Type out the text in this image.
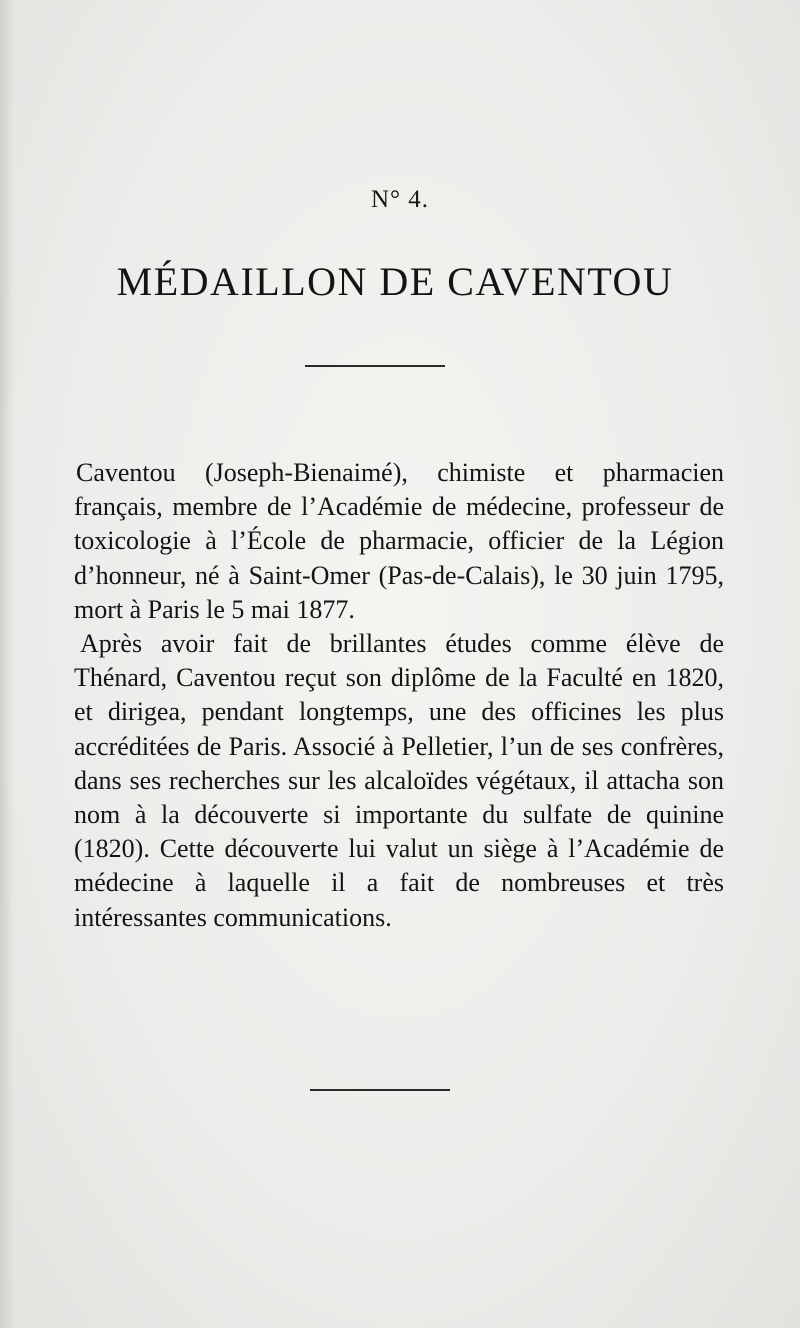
N° 4.
MÉDAILLON DE CAVENTOU

Caventou (Joseph-Bienaimé), chimiste et pharmacien français, membre de l’Académie de médecine, professeur de toxicologie à l’École de pharmacie, officier de la Légion d’honneur, né à Saint-Omer (Pas-de-Calais), le 30 juin 1795, mort à Paris le 5 mai 1877.

Après avoir fait de brillantes études comme élève de Thénard, Caventou reçut son diplôme de la Faculté en 1820, et dirigea, pendant longtemps, une des officines les plus accréditées de Paris. Associé à Pelletier, l’un de ses confrères, dans ses recherches sur les alcaloïdes végétaux, il attacha son nom à la découverte si importante du sulfate de quinine (1820). Cette découverte lui valut un siège à l’Académie de médecine à laquelle il a fait de nombreuses et très intéressantes communications.
